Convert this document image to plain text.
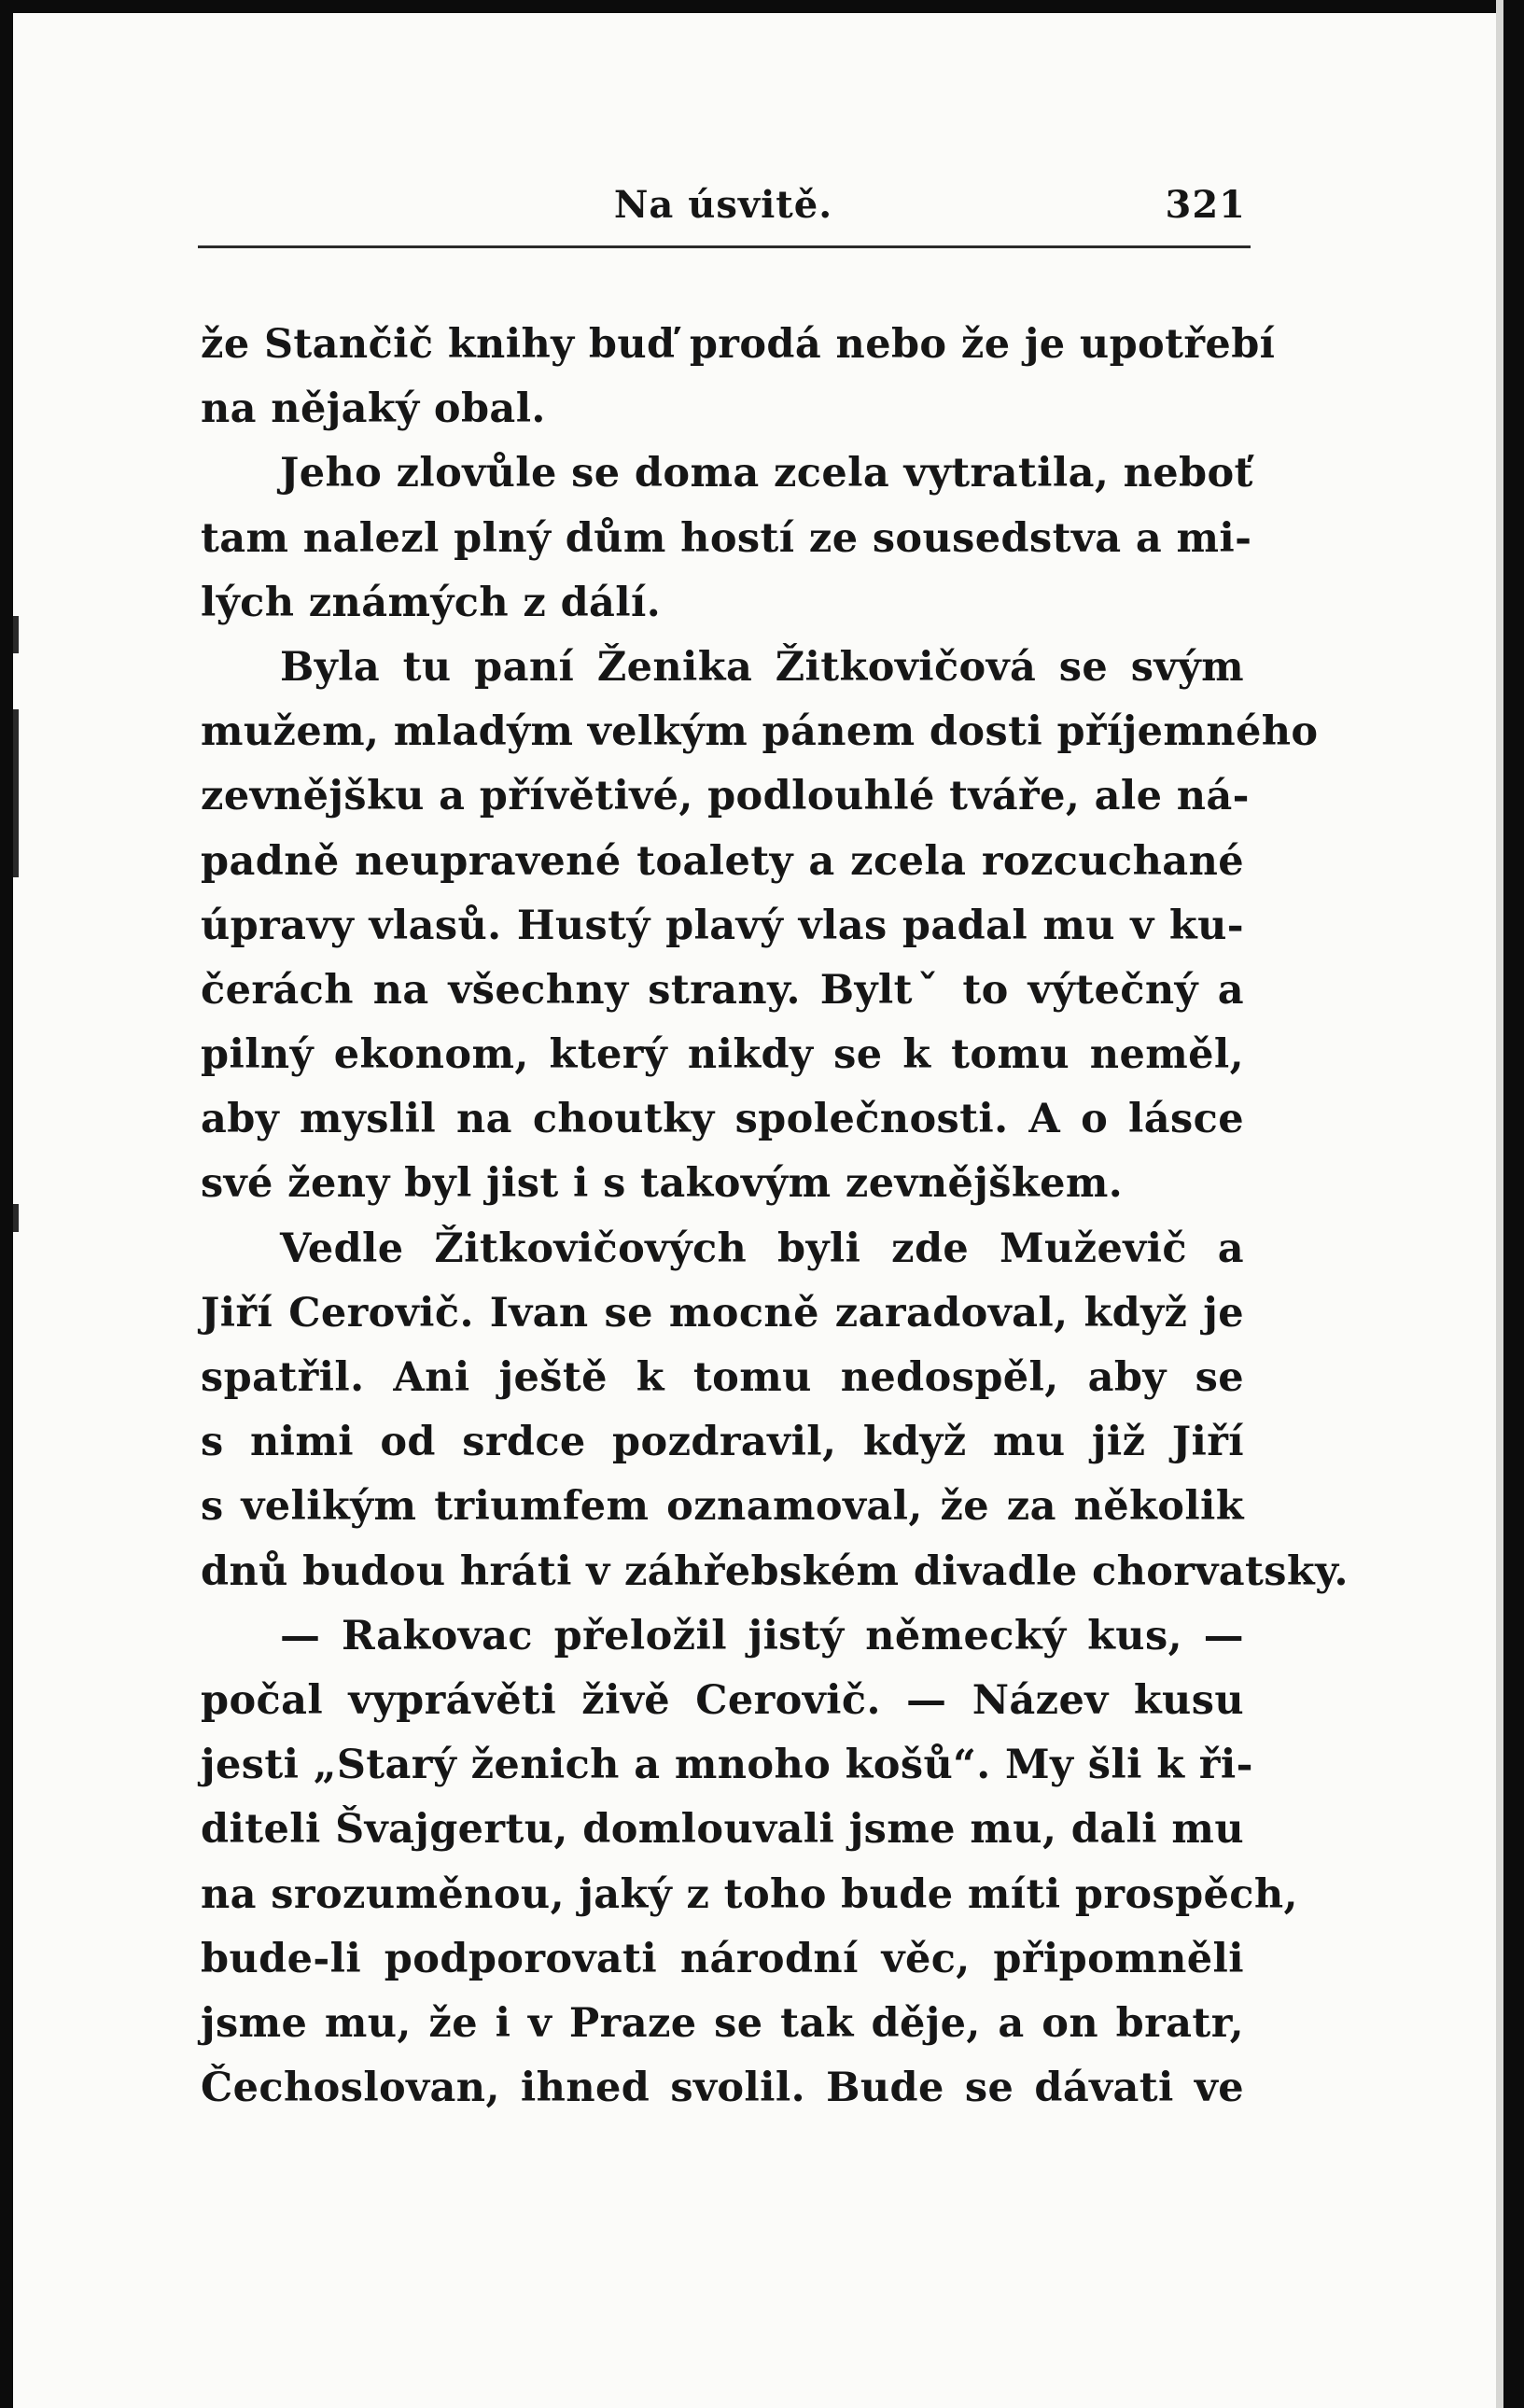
Na úsvitě.	321
že Stančič knihy buď prodá nebo že je upotřebí
na nějaký obal.
Jeho zlovůle se doma zcela vytratila, neboť
tam nalezl plný dům hostí ze sousedstva a mi-
lých známých z dálí.
Byla tu paní Ženika Žitkovičová se svým
mužem, mladým velkým pánem dosti příjemného
zevnějšku a přívětivé, podlouhlé tváře, ale ná-
padně neupravené toalety a zcela rozcuchané
úpravy vlasů. Hustý plavý vlas padal mu v ku-
čerách na všechny strany. Byltˇ to výtečný a
pilný ekonom, který nikdy se k tomu neměl,
aby myslil na choutky společnosti. A o lásce
své ženy byl jist i s takovým zevnějškem.
Vedle Žitkovičových byli zde Muževič a
Jiří Cerovič. Ivan se mocně zaradoval, když je
spatřil. Ani ještě k tomu nedospěl, aby se
s nimi od srdce pozdravil, když mu již Jiří
s velikým triumfem oznamoval, že za několik
dnů budou hráti v záhřebském divadle chorvatsky.
— Rakovac přeložil jistý německý kus, —
počal vyprávěti živě Cerovič. — Název kusu
jesti „Starý ženich a mnoho košů“. My šli k ři-
diteli Švajgertu, domlouvali jsme mu, dali mu
na srozuměnou, jaký z toho bude míti prospěch,
bude-li podporovati národní věc, připomněli
jsme mu, že i v Praze se tak děje, a on bratr,
Čechoslovan, ihned svolil. Bude se dávati ve
